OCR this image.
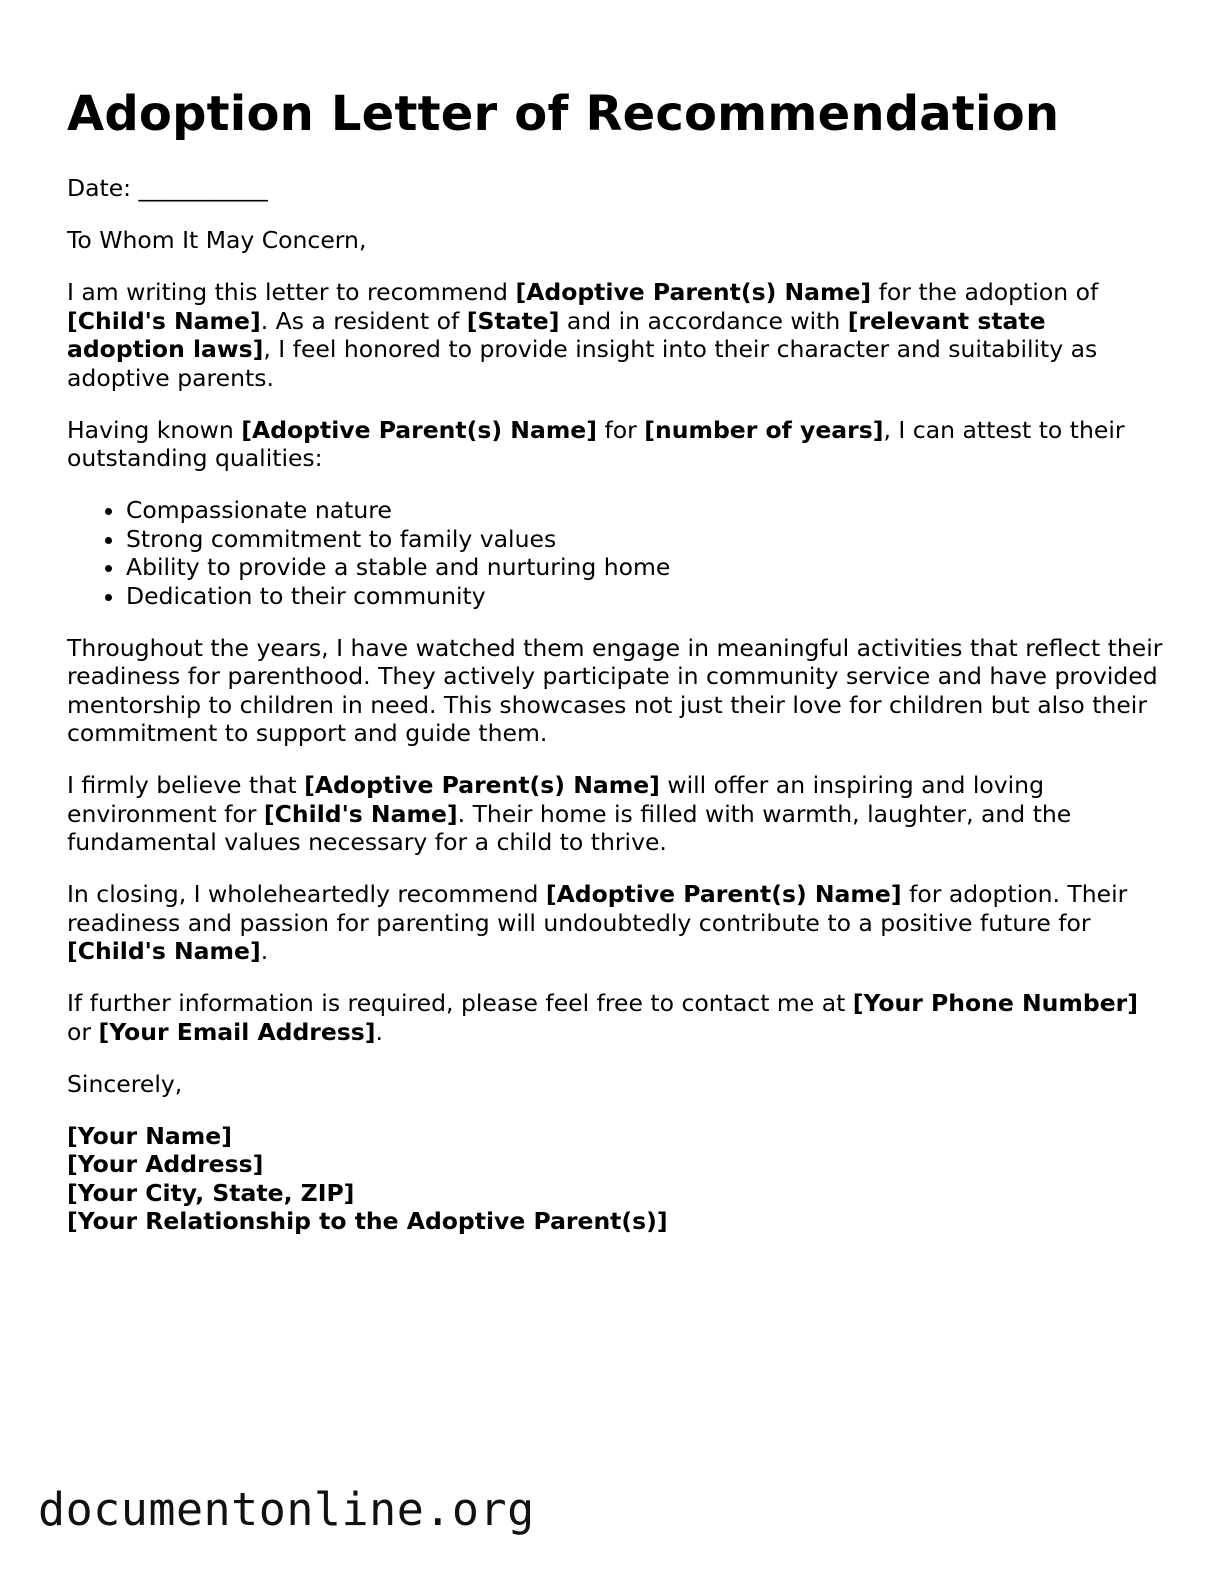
Adoption Letter of Recommendation

Date: ___________

To Whom It May Concern,

I am writing this letter to recommend [Adoptive Parent(s) Name] for the adoption of [Child's Name]. As a resident of [State] and in accordance with [relevant state adoption laws], I feel honored to provide insight into their character and suitability as adoptive parents.

Having known [Adoptive Parent(s) Name] for [number of years], I can attest to their outstanding qualities:

• Compassionate nature
• Strong commitment to family values
• Ability to provide a stable and nurturing home
• Dedication to their community

Throughout the years, I have watched them engage in meaningful activities that reflect their readiness for parenthood. They actively participate in community service and have provided mentorship to children in need. This showcases not just their love for children but also their commitment to support and guide them.

I firmly believe that [Adoptive Parent(s) Name] will offer an inspiring and loving environment for [Child's Name]. Their home is filled with warmth, laughter, and the fundamental values necessary for a child to thrive.

In closing, I wholeheartedly recommend [Adoptive Parent(s) Name] for adoption. Their readiness and passion for parenting will undoubtedly contribute to a positive future for [Child's Name].

If further information is required, please feel free to contact me at [Your Phone Number] or [Your Email Address].

Sincerely,

[Your Name]
[Your Address]
[Your City, State, ZIP]
[Your Relationship to the Adoptive Parent(s)]
documentonline.org
